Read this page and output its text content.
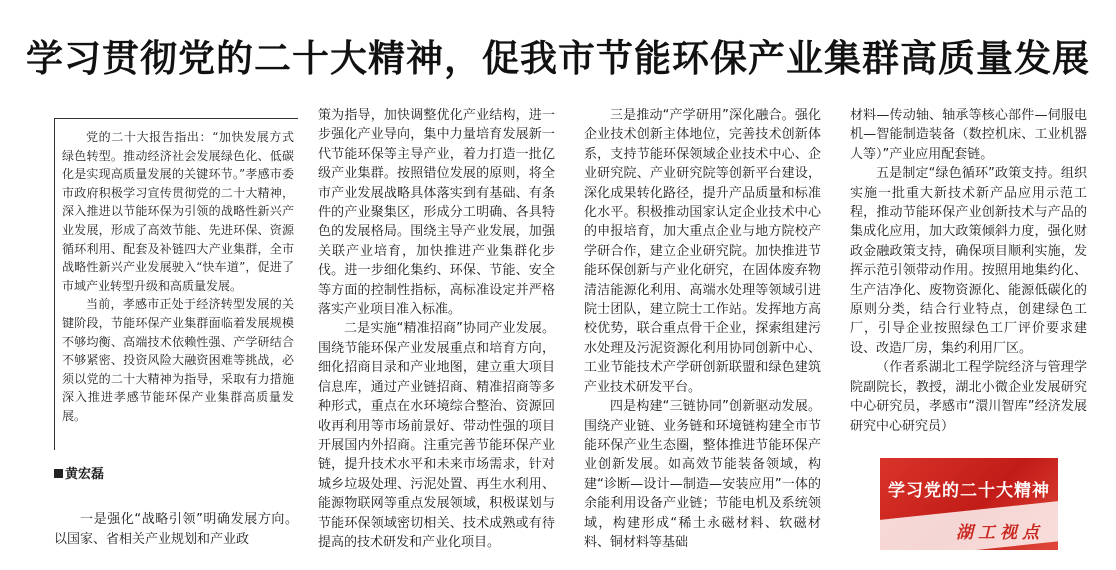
学习贯彻党的二十大精神，促我市节能环保产业集群高质量发展

党的二十大报告指出：“加快发展方式绿色转型。推动经济社会发展绿色化、低碳化是实现高质量发展的关键环节。”孝感市委市政府积极学习宣传贯彻党的二十大精神，深入推进以节能环保为引领的战略性新兴产业发展，形成了高效节能、先进环保、资源循环利用、配套及补链四大产业集群，全市战略性新兴产业发展驶入“快车道”，促进了市域产业转型升级和高质量发展。

当前，孝感市正处于经济转型发展的关键阶段，节能环保产业集群面临着发展规模不够均衡、高端技术依赖性强、产学研结合不够紧密、投资风险大融资困难等挑战，必须以党的二十大精神为指导，采取有力措施深入推进孝感节能环保产业集群高质量发展。

黄宏磊

一是强化“战略引领”明确发展方向。以国家、省相关产业规划和产业政

策为指导，加快调整优化产业结构，进一步强化产业导向，集中力量培育发展新一代节能环保等主导产业，着力打造一批亿级产业集群。按照错位发展的原则，将全市产业发展战略具体落实到有基础、有条件的产业聚集区，形成分工明确、各具特色的发展格局。围绕主导产业发展，加强关联产业培育，加快推进产业集群化步伐。进一步细化集约、环保、节能、安全等方面的控制性指标，高标准设定并严格落实产业项目准入标准。

二是实施“精准招商”协同产业发展。围绕节能环保产业发展重点和培育方向，细化招商目录和产业地图，建立重大项目信息库，通过产业链招商、精准招商等多种形式，重点在水环境综合整治、资源回收再利用等市场前景好、带动性强的项目开展国内外招商。注重完善节能环保产业链，提升技术水平和未来市场需求，针对城乡垃圾处理、污泥处置、再生水利用、能源物联网等重点发展领域，积极谋划与节能环保领域密切相关、技术成熟或有待提高的技术研发和产业化项目。

三是推动“产学研用”深化融合。强化企业技术创新主体地位，完善技术创新体系，支持节能环保领域企业技术中心、企业研究院、产业研究院等创新平台建设，深化成果转化路径，提升产品质量和标准化水平。积极推动国家认定企业技术中心的申报培育，加大重点企业与地方院校产学研合作，建立企业研究院。加快推进节能环保创新与产业化研究，在固体废弃物清洁能源化利用、高端水处理等领域引进院士团队，建立院士工作站。发挥地方高校优势，联合重点骨干企业，探索组建污水处理及污泥资源化利用协同创新中心、工业节能技术产学研创新联盟和绿色建筑产业技术研发平台。

四是构建“三链协同”创新驱动发展。围绕产业链、业务链和环境链构建全市节能环保产业生态圈，整体推进节能环保产业创新发展。如高效节能装备领域，构建“诊断—设计—制造—安装应用”一体的余能利用设备产业链；节能电机及系统领域，构建形成“稀土永磁材料、软磁材料、铜材料等基础

材料—传动轴、轴承等核心部件—伺服电机—智能制造装备（数控机床、工业机器人等）”产业应用配套链。

五是制定“绿色循环”政策支持。组织实施一批重大新技术新产品应用示范工程，推动节能环保产业创新技术与产品的集成化应用，加大政策倾斜力度，强化财政金融政策支持，确保项目顺利实施，发挥示范引领带动作用。按照用地集约化、生产洁净化、废物资源化、能源低碳化的原则分类，结合行业特点，创建绿色工厂，引导企业按照绿色工厂评价要求建设、改造厂房，集约利用厂区。

（作者系湖北工程学院经济与管理学院副院长，教授，湖北小微企业发展研究中心研究员，孝感市“澴川智库”经济发展研究中心研究员）

学习党的二十大精神
湖工视点
